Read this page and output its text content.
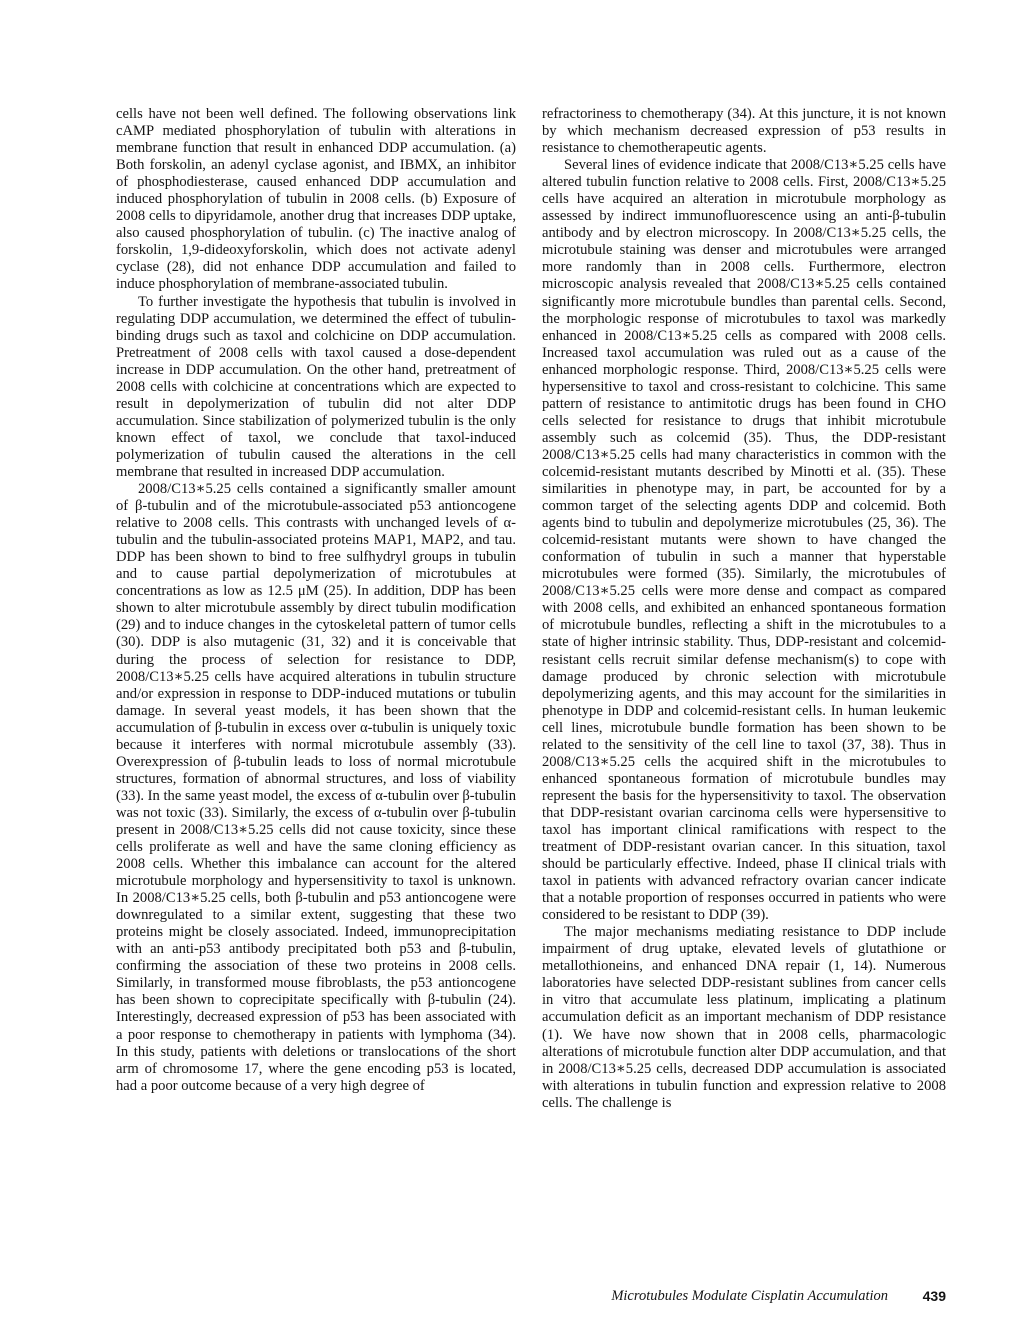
cells have not been well defined. The following observations link cAMP mediated phosphorylation of tubulin with alterations in membrane function that result in enhanced DDP accumulation. (a) Both forskolin, an adenyl cyclase agonist, and IBMX, an inhibitor of phosphodiesterase, caused enhanced DDP accumulation and induced phosphorylation of tubulin in 2008 cells. (b) Exposure of 2008 cells to dipyridamole, another drug that increases DDP uptake, also caused phosphorylation of tubulin. (c) The inactive analog of forskolin, 1,9-dideoxyforskolin, which does not activate adenyl cyclase (28), did not enhance DDP accumulation and failed to induce phosphorylation of membrane-associated tubulin.

To further investigate the hypothesis that tubulin is involved in regulating DDP accumulation, we determined the effect of tubulin-binding drugs such as taxol and colchicine on DDP accumulation. Pretreatment of 2008 cells with taxol caused a dose-dependent increase in DDP accumulation. On the other hand, pretreatment of 2008 cells with colchicine at concentrations which are expected to result in depolymerization of tubulin did not alter DDP accumulation. Since stabilization of polymerized tubulin is the only known effect of taxol, we conclude that taxol-induced polymerization of tubulin caused the alterations in the cell membrane that resulted in increased DDP accumulation.

2008/C13∗5.25 cells contained a significantly smaller amount of β-tubulin and of the microtubule-associated p53 antioncogene relative to 2008 cells. This contrasts with unchanged levels of α-tubulin and the tubulin-associated proteins MAP1, MAP2, and tau. DDP has been shown to bind to free sulfhydryl groups in tubulin and to cause partial depolymerization of microtubules at concentrations as low as 12.5 μM (25). In addition, DDP has been shown to alter microtubule assembly by direct tubulin modification (29) and to induce changes in the cytoskeletal pattern of tumor cells (30). DDP is also mutagenic (31, 32) and it is conceivable that during the process of selection for resistance to DDP, 2008/C13∗5.25 cells have acquired alterations in tubulin structure and/or expression in response to DDP-induced mutations or tubulin damage. In several yeast models, it has been shown that the accumulation of β-tubulin in excess over α-tubulin is uniquely toxic because it interferes with normal microtubule assembly (33). Overexpression of β-tubulin leads to loss of normal microtubule structures, formation of abnormal structures, and loss of viability (33). In the same yeast model, the excess of α-tubulin over β-tubulin was not toxic (33). Similarly, the excess of α-tubulin over β-tubulin present in 2008/C13∗5.25 cells did not cause toxicity, since these cells proliferate as well and have the same cloning efficiency as 2008 cells. Whether this imbalance can account for the altered microtubule morphology and hypersensitivity to taxol is unknown. In 2008/C13∗5.25 cells, both β-tubulin and p53 antioncogene were downregulated to a similar extent, suggesting that these two proteins might be closely associated. Indeed, immunoprecipitation with an anti-p53 antibody precipitated both p53 and β-tubulin, confirming the association of these two proteins in 2008 cells. Similarly, in transformed mouse fibroblasts, the p53 antioncogene has been shown to coprecipitate specifically with β-tubulin (24). Interestingly, decreased expression of p53 has been associated with a poor response to chemotherapy in patients with lymphoma (34). In this study, patients with deletions or translocations of the short arm of chromosome 17, where the gene encoding p53 is located, had a poor outcome because of a very high degree of

refractoriness to chemotherapy (34). At this juncture, it is not known by which mechanism decreased expression of p53 results in resistance to chemotherapeutic agents.

Several lines of evidence indicate that 2008/C13∗5.25 cells have altered tubulin function relative to 2008 cells. First, 2008/C13∗5.25 cells have acquired an alteration in microtubule morphology as assessed by indirect immunofluorescence using an anti-β-tubulin antibody and by electron microscopy. In 2008/C13∗5.25 cells, the microtubule staining was denser and microtubules were arranged more randomly than in 2008 cells. Furthermore, electron microscopic analysis revealed that 2008/C13∗5.25 cells contained significantly more microtubule bundles than parental cells. Second, the morphologic response of microtubules to taxol was markedly enhanced in 2008/C13∗5.25 cells as compared with 2008 cells. Increased taxol accumulation was ruled out as a cause of the enhanced morphologic response. Third, 2008/C13∗5.25 cells were hypersensitive to taxol and cross-resistant to colchicine. This same pattern of resistance to antimitotic drugs has been found in CHO cells selected for resistance to drugs that inhibit microtubule assembly such as colcemid (35). Thus, the DDP-resistant 2008/C13∗5.25 cells had many characteristics in common with the colcemid-resistant mutants described by Minotti et al. (35). These similarities in phenotype may, in part, be accounted for by a common target of the selecting agents DDP and colcemid. Both agents bind to tubulin and depolymerize microtubules (25, 36). The colcemid-resistant mutants were shown to have changed the conformation of tubulin in such a manner that hyperstable microtubules were formed (35). Similarly, the microtubules of 2008/C13∗5.25 cells were more dense and compact as compared with 2008 cells, and exhibited an enhanced spontaneous formation of microtubule bundles, reflecting a shift in the microtubules to a state of higher intrinsic stability. Thus, DDP-resistant and colcemid-resistant cells recruit similar defense mechanism(s) to cope with damage produced by chronic selection with microtubule depolymerizing agents, and this may account for the similarities in phenotype in DDP and colcemid-resistant cells. In human leukemic cell lines, microtubule bundle formation has been shown to be related to the sensitivity of the cell line to taxol (37, 38). Thus in 2008/C13∗5.25 cells the acquired shift in the microtubules to enhanced spontaneous formation of microtubule bundles may represent the basis for the hypersensitivity to taxol. The observation that DDP-resistant ovarian carcinoma cells were hypersensitive to taxol has important clinical ramifications with respect to the treatment of DDP-resistant ovarian cancer. In this situation, taxol should be particularly effective. Indeed, phase II clinical trials with taxol in patients with advanced refractory ovarian cancer indicate that a notable proportion of responses occurred in patients who were considered to be resistant to DDP (39).

The major mechanisms mediating resistance to DDP include impairment of drug uptake, elevated levels of glutathione or metallothioneins, and enhanced DNA repair (1, 14). Numerous laboratories have selected DDP-resistant sublines from cancer cells in vitro that accumulate less platinum, implicating a platinum accumulation deficit as an important mechanism of DDP resistance (1). We have now shown that in 2008 cells, pharmacologic alterations of microtubule function alter DDP accumulation, and that in 2008/C13∗5.25 cells, decreased DDP accumulation is associated with alterations in tubulin function and expression relative to 2008 cells. The challenge is

Microtubules Modulate Cisplatin Accumulation 439
